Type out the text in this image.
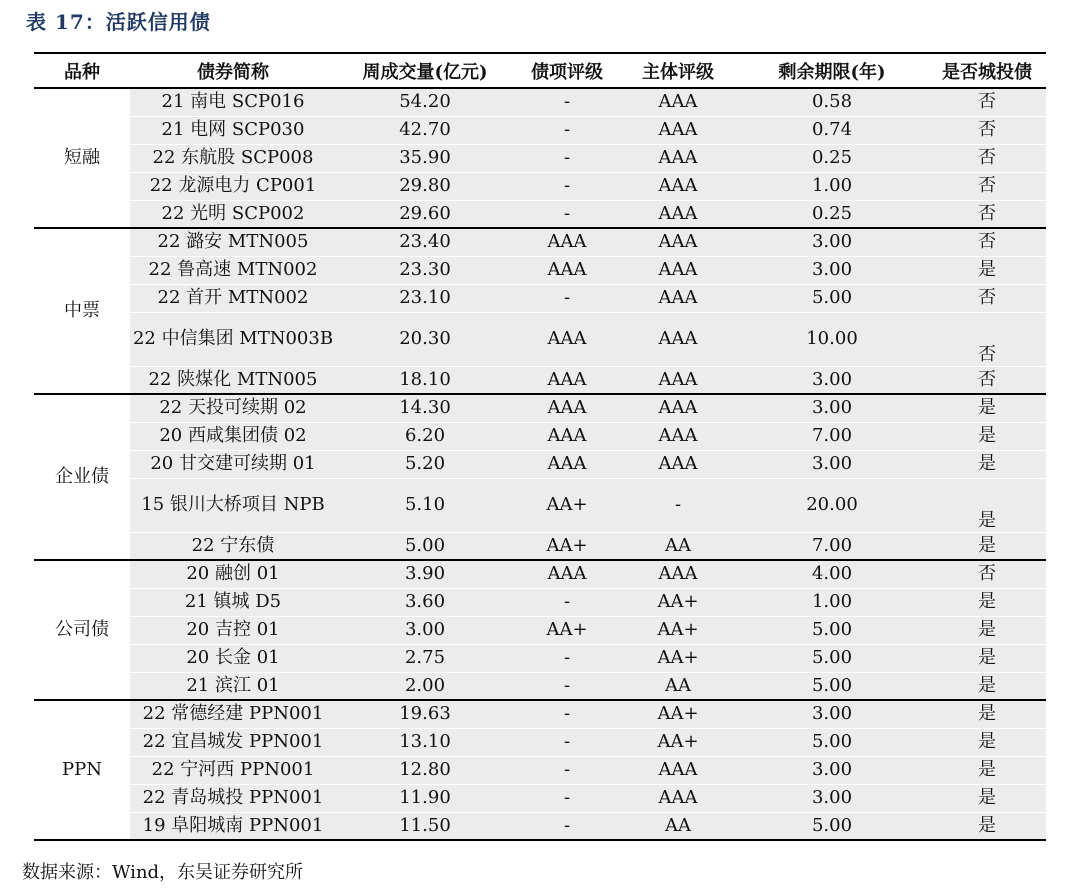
表 17：活跃信用债
品种	债券简称	周成交量(亿元)	债项评级	主体评级	剩余期限(年)	是否城投债
短融	21 南电 SCP016	54.20	-	AAA	0.58	否
	21 电网 SCP030	42.70	-	AAA	0.74	否
	22 东航股 SCP008	35.90	-	AAA	0.25	否
	22 龙源电力 CP001	29.80	-	AAA	1.00	否
	22 光明 SCP002	29.60	-	AAA	0.25	否
中票	22 潞安 MTN005	23.40	AAA	AAA	3.00	否
	22 鲁高速 MTN002	23.30	AAA	AAA	3.00	是
	22 首开 MTN002	23.10	-	AAA	5.00	否
	22 中信集团 MTN003B	20.30	AAA	AAA	10.00	否
	22 陕煤化 MTN005	18.10	AAA	AAA	3.00	否
企业债	22 天投可续期 02	14.30	AAA	AAA	3.00	是
	20 西咸集团债 02	6.20	AAA	AAA	7.00	是
	20 甘交建可续期 01	5.20	AAA	AAA	3.00	是
	15 银川大桥项目 NPB	5.10	AA+	-	20.00	是
	22 宁东债	5.00	AA+	AA	7.00	是
公司债	20 融创 01	3.90	AAA	AAA	4.00	否
	21 镇城 D5	3.60	-	AA+	1.00	是
	20 吉控 01	3.00	AA+	AA+	5.00	是
	20 长金 01	2.75	-	AA+	5.00	是
	21 滨江 01	2.00	-	AA	5.00	是
PPN	22 常德经建 PPN001	19.63	-	AA+	3.00	是
	22 宜昌城发 PPN001	13.10	-	AA+	5.00	是
	22 宁河西 PPN001	12.80	-	AAA	3.00	是
	22 青岛城投 PPN001	11.90	-	AAA	3.00	是
	19 阜阳城南 PPN001	11.50	-	AA	5.00	是
数据来源：Wind，东吴证券研究所
